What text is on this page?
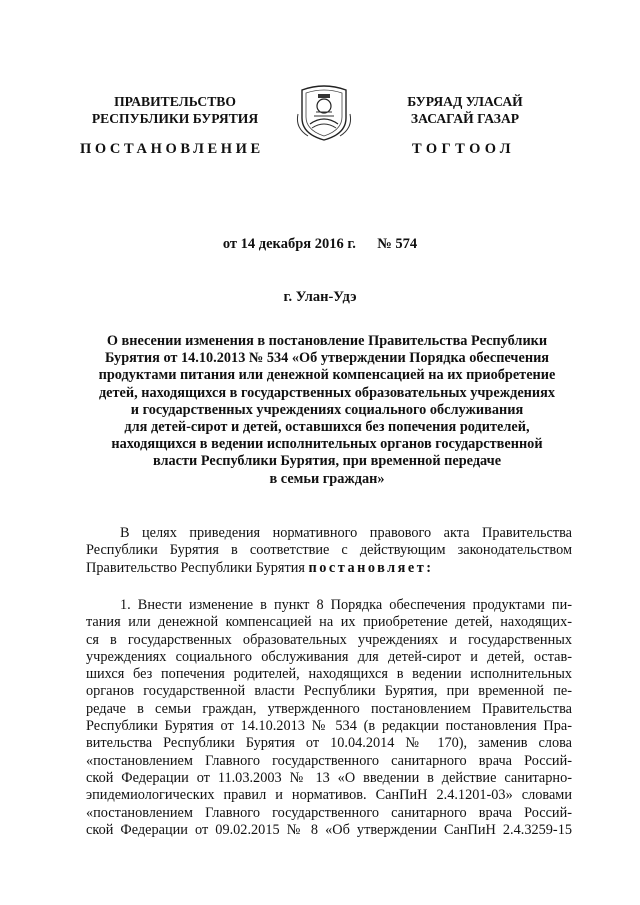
ПРАВИТЕЛЬСТВО
РЕСПУБЛИКИ БУРЯТИЯ
БУРЯАД УЛАСАЙ
ЗАСАГАЙ ГАЗАР
ПОСТАНОВЛЕНИЕ	ТОГТООЛ
от 14 декабря 2016 г. № 574
г. Улан-Удэ
О внесении изменения в постановление Правительства Республики
Бурятия от 14.10.2013 № 534 «Об утверждении Порядка обеспечения
продуктами питания или денежной компенсацией на их приобретение
детей, находящихся в государственных образовательных учреждениях
и государственных учреждениях социального обслуживания
для детей-сирот и детей, оставшихся без попечения родителей,
находящихся в ведении исполнительных органов государственной
власти Республики Бурятия, при временной передаче
в семьи граждан»
В целях приведения нормативного правового акта Правительства
Республики Бурятия в соответствие с действующим законодательством
Правительство Республики Бурятия постановляет:
1. Внести изменение в пункт 8 Порядка обеспечения продуктами пи-
тания или денежной компенсацией на их приобретение детей, находящих-
ся в государственных образовательных учреждениях и государственных
учреждениях социального обслуживания для детей-сирот и детей, остав-
шихся без попечения родителей, находящихся в ведении исполнительных
органов государственной власти Республики Бурятия, при временной пе-
редаче в семьи граждан, утвержденного постановлением Правительства
Республики Бурятия от 14.10.2013 № 534 (в редакции постановления Пра-
вительства Республики Бурятия от 10.04.2014 № 170), заменив слова
«постановлением Главного государственного санитарного врача Россий-
ской Федерации от 11.03.2003 № 13 «О введении в действие санитарно-
эпидемиологических правил и нормативов. СанПиН 2.4.1201-03» словами
«постановлением Главного государственного санитарного врача Россий-
ской Федерации от 09.02.2015 № 8 «Об утверждении СанПиН 2.4.3259-15
